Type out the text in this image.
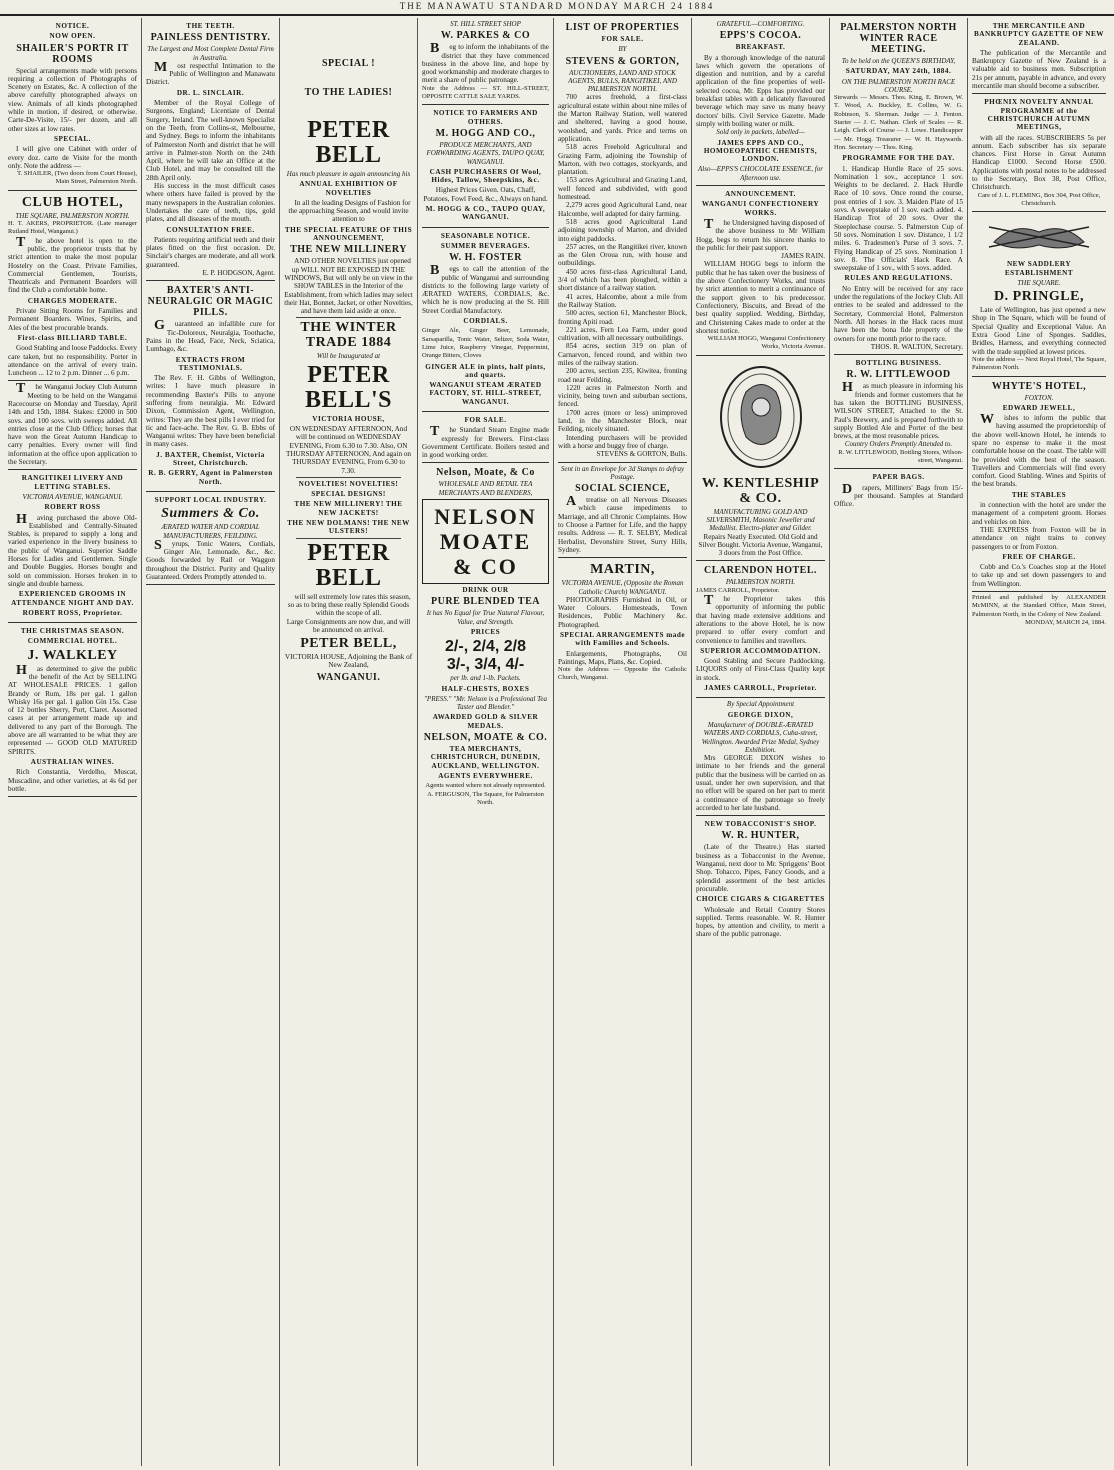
THE MANAWATU STANDARD MONDAY MARCH 24 1884
NOTICE.
NOW OPEN.
SHAILER'S PORTR IT ROOMS
Special arrangements made with persons requiring a collection of Photographs of Scenery on Estates, &c. A collection of the above carefully photographed always on view. Animals of all kinds photographed while in motion, if desired, or otherwise. Carte-De-Visite, 15/- per dozen, and all other sizes at low rates.
SPECIAL.
I will give one Cabinet with order of every doz. carte de Visite for the month only. Note the address —
T. SHAILER, (Two doors from Court House), Main Street, Palmerston North.
CLUB HOTEL,
THE SQUARE, PALMERSTON NORTH.
H. T. AKERS, PROPRIETOR. (Late manager Rutland Hotel, Wanganui.)
The above hotel is open to the public, the proprietor trusts that by strict attention to make the most popular Hostelry on the Coast. Private Families, Commercial Gentlemen, Tourists, Theatricals and Permanent Boarders will find the Club a comfortable home.
CHARGES MODERATE.
Private Sitting Rooms for Families and Permanent Boarders. Wines, Spirits, and Ales of the best procurable brands.
First-class BILLIARD TABLE.
Good Stabling and loose Paddocks. Every care taken, but no responsibility. Porter in attendance on the arrival of every train. Luncheon ... 12 to 2 p.m. Dinner ... 6 p.m.
The Wanganui Jockey Club Autumn Meeting to be held on the Wanganui Racecourse on Monday and Tuesday, April 14th and 15th, 1884. Stakes: £2000 in 500 sovs. and 100 sovs. with sweeps added. All entries close at the Club Office; horses that have won the Great Autumn Handicap to carry penalties. Every owner will find information at the office upon application to the Secretary.
RANGITIKEI LIVERY AND LETTING STABLES.
VICTORIA AVENUE, WANGANUI.
ROBERT ROSS
Having purchased the above Old-Established and Centrally-Situated Stables, is prepared to supply a long and varied experience in the livery business to the public of Wanganui. Superior Saddle Horses for Ladies and Gentlemen. Single and Double Buggies. Horses bought and sold on commission. Horses broken in to single and double harness.
EXPERIENCED GROOMS IN ATTENDANCE NIGHT AND DAY.
ROBERT ROSS, Proprietor.
THE CHRISTMAS SEASON.
COMMERCIAL HOTEL.
J. WALKLEY
Has determined to give the public the benefit of the Act by SELLING AT WHOLESALE PRICES. 1 gallon Brandy or Rum, 18s per gal. 1 gallon Whisky 16s per gal. 1 gallon Gin 15s. Case of 12 bottles Sherry, Port, Claret. Assorted cases at per arrangement made up and delivered to any part of the Borough. The above are all warranted to be what they are represented — GOOD OLD MATURED SPIRITS.
AUSTRALIAN WINES.
Rich Constantia, Verdelho, Muscat, Muscadine, and other varieties, at 4s 6d per bottle.
THE TEETH.
PAINLESS DENTISTRY.
The Largest and Most Complete Dental Firm in Australia.
Most respectful Intimation to the Public of Wellington and Manawatu District.
DR. L. SINCLAIR.
Member of the Royal College of Surgeons, England; Licentiate of Dental Surgery, Ireland. The well-known Specialist on the Teeth, from Collins-st, Melbourne, and Sydney. Begs to inform the inhabitants of Palmerston North and district that he will arrive in Palmer-ston North on the 24th April, where he will take an Office at the Club Hotel, and may be consulted till the 28th April only.
His success in the most difficult cases where others have failed is proved by the many newspapers in the Australian colonies. Undertakes the care of teeth, tips, gold plates, and all diseases of the mouth.
CONSULTATION FREE.
Patients requiring artificial teeth and their plates fitted on the first occasion. Dr. Sinclair's charges are moderate, and all work guaranteed.
E. P. HODGSON, Agent.
BAXTER'S ANTI-NEURALGIC OR MAGIC PILLS.
Guaranteed an infallible cure for Tic-Doloreux, Neuralgia, Toothache, Pains in the Head, Face, Neck, Sciatica, Lumbago, &c.
EXTRACTS FROM TESTIMONIALS.
The Rev. F. H. Gibbs of Wellington, writes: I have much pleasure in recommending Baxter's Pills to anyone suffering from neuralgia. Mr. Edward Dixon, Commission Agent, Wellington, writes: They are the best pills I ever tried for tic and face-ache. The Rev. G. B. Ebbs of Wanganui writes: They have been beneficial in many cases.
J. BAXTER, Chemist, Victoria Street, Christchurch.
R. B. GERRY, Agent in Palmerston North.
SUPPORT LOCAL INDUSTRY.
Summers & Co.
ÆRATED WATER AND CORDIAL MANUFACTURERS, FEILDING.
Syrups, Tonic Waters, Cordials, Ginger Ale, Lemonade, &c., &c. Goods forwarded by Rail or Waggon throughout the District. Purity and Quality Guaranteed. Orders Promptly attended to.
SPECIAL !
TO THE LADIES!
PETER BELL
Has much pleasure in again announcing his
ANNUAL EXHIBITION OF NOVELTIES
In all the leading Designs of Fashion for the approaching Season, and would invite attention to
THE SPECIAL FEATURE OF THIS ANNOUNCEMENT,
THE NEW MILLINERY
AND OTHER NOVELTIES just opened up WILL NOT BE EXPOSED IN THE WINDOWS, But will only be on view in the SHOW TABLES in the Interior of the Establishment, from which ladies may select their Hat, Bonnet, Jacket, or other Novelties, and have them laid aside at once.
THE WINTER TRADE 1884
Will be Inaugurated at
PETER BELL'S
VICTORIA HOUSE,
ON WEDNESDAY AFTERNOON, And will be continued on WEDNESDAY EVENING, From 6.30 to 7.30. Also, ON THURSDAY AFTERNOON, And again on THURSDAY EVENING, From 6.30 to 7.30.
NOVELTIES! NOVELTIES!
SPECIAL DESIGNS!
THE NEW MILLINERY! THE NEW JACKETS!
THE NEW DOLMANS! THE NEW ULSTERS!
PETER BELL
will sell extremely low rates this season, so as to bring these really Splendid Goods within the scope of all.
Large Consignments are now due, and will be announced on arrival.
PETER BELL,
VICTORIA HOUSE, Adjoining the Bank of New Zealand,
WANGANUI.
ST. HILL STREET SHOP
W. PARKES & CO
Beg to inform the inhabitants of the district that they have commenced business in the above line, and hope by good workmanship and moderate charges to merit a share of public patronage.
Note the Address — ST. HILL-STREET, OPPOSITE CATTLE SALE YARDS.
NOTICE TO FARMERS AND OTHERS.
M. HOGG AND CO.,
PRODUCE MERCHANTS, AND FORWARDING AGENTS, TAUPO QUAY, WANGANUI.
CASH PURCHASERS Of Wool, Hides, Tallow, Sheepskins, &c.
Highest Prices Given. Oats, Chaff, Potatoes, Fowl Feed, &c., Always on hand.
M. HOGG & CO., TAUPO QUAY, WANGANUI.
SEASONABLE NOTICE.
SUMMER BEVERAGES.
W. H. FOSTER
Begs to call the attention of the public of Wanganui and surrounding districts to the following large variety of ÆRATED WATERS, CORDIALS, &c. which he is now producing at the St. Hill Street Cordial Manufactory.
CORDIALS.
Ginger Ale, Ginger Beer, Lemonade, Sarsaparilla, Tonic Water, Seltzer, Soda Water, Lime Juice, Raspberry Vinegar, Peppermint, Orange Bitters, Cloves
GINGER ALE in pints, half pints, and quarts.
WANGANUI STEAM ÆRATED FACTORY, ST. HILL-STREET, WANGANUI.
FOR SALE.
The Standard Steam Engine made expressly for Brewers. First-class Government Certificate. Boilers tested and in good working order.
Nelson, Moate, & Co
WHOLESALE AND RETAIL TEA MERCHANTS AND BLENDERS,
NELSON MOATE & CO
DRINK OUR
PURE BLENDED TEA
It has No Equal for True Natural Flavour, Value, and Strength.
PRICES
2/-, 2/4, 2/8
3/-, 3/4, 4/-
per lb. and 1-lb. Packets.
HALF-CHESTS, BOXES
"PRESS." "Mr. Nelson is a Professional Tea Taster and Blender."
AWARDED GOLD & SILVER MEDALS.
NELSON, MOATE & CO.
TEA MERCHANTS, CHRISTCHURCH, DUNEDIN, AUCKLAND, WELLINGTON.
AGENTS EVERYWHERE.
Agents wanted where not already represented. A. FERGUSON, The Square, for Palmerston North.
LIST OF PROPERTIES
FOR SALE.
BY
STEVENS & GORTON,
AUCTIONEERS, LAND AND STOCK AGENTS, BULLS, RANGITIKEI, AND PALMERSTON NORTH.
700 acres freehold, a first-class agricultural estate within about nine miles of the Marton Railway Station, well watered and sheltered, having a good house, woolshed, and yards. Price and terms on application.
518 acres Freehold Agricultural and Grazing Farm, adjoining the Township of Marton, with two cottages, stockyards, and plantation.
153 acres Agricultural and Grazing Land, well fenced and subdivided, with good homestead.
2,279 acres good Agricultural Land, near Halcombe, well adapted for dairy farming.
518 acres good Agricultural Land adjoining township of Marton, and divided into eight paddocks.
257 acres, on the Rangitikei river, known as the Glen Oroua run, with house and outbuildings.
450 acres first-class Agricultural Land, 3/4 of which has been ploughed, within a short distance of a railway station.
41 acres, Halcombe, about a mile from the Railway Station.
500 acres, section 61, Manchester Block, fronting Apiti road.
221 acres, Fern Lea Farm, under good cultivation, with all necessary outbuildings.
854 acres, section 319 on plan of Carnarvon, fenced round, and within two miles of the railway station.
200 acres, section 235, Kiwitea, fronting road near Feilding.
1220 acres in Palmerston North and vicinity, being town and suburban sections, fenced.
1700 acres (more or less) unimproved land, in the Manchester Block, near Feilding, nicely situated.
Intending purchasers will be provided with a horse and buggy free of charge.
STEVENS & GORTON, Bulls.
Sent in an Envelope for 3d Stamps to defray Postage.
SOCIAL SCIENCE,
Atreatise on all Nervous Diseases which cause impediments to Marriage, and all Chronic Complaints. How to Choose a Partner for Life, and the happy results. Address — R. T. SELBY, Medical Herbalist, Devonshire Street, Surry Hills, Sydney.
MARTIN,
VICTORIA AVENUE, (Opposite the Roman Catholic Church) WANGANUI.
PHOTOGRAPHS Furnished in Oil, or Water Colours. Homesteads, Town Residences, Public Machinery &c. Photographed.
SPECIAL ARRANGEMENTS made with Families and Schools.
Enlargements, Photographs, Oil Paintings, Maps, Plans, &c. Copied.
Note the Address — Opposite the Catholic Church, Wanganui.
GRATEFUL—COMFORTING.
EPPS'S COCOA.
BREAKFAST.
By a thorough knowledge of the natural laws which govern the operations of digestion and nutrition, and by a careful application of the fine properties of well-selected cocoa, Mr. Epps has provided our breakfast tables with a delicately flavoured beverage which may save us many heavy doctors' bills. Civil Service Gazette. Made simply with boiling water or milk.
Sold only in packets, labelled—
JAMES EPPS AND CO., HOMOEOPATHIC CHEMISTS, LONDON.
Also—EPPS'S CHOCOLATE ESSENCE, for Afternoon use.
ANNOUNCEMENT.
WANGANUI CONFECTIONERY WORKS.
The Undersigned having disposed of the above business to Mr William Hogg, begs to return his sincere thanks to the public for their past support.
JAMES RAIN.
WILLIAM HOGG begs to inform the public that he has taken over the business of the above Confectionery Works, and trusts by strict attention to merit a continuance of the support given to his predecessor. Confectionery, Biscuits, and Bread of the best quality supplied. Wedding, Birthday, and Christening Cakes made to order at the shortest notice.
WILLIAM HOGG, Wanganui Confectionery Works, Victoria Avenue.
W. KENTLESHIP & CO.
MANUFACTURING GOLD AND SILVERSMITH, Masonic Jeweller and Medallist. Electro-plater and Gilder.
Repairs Neatly Executed. Old Gold and Silver Bought. Victoria Avenue, Wanganui, 3 doors from the Post Office.
CLARENDON HOTEL.
PALMERSTON NORTH.
JAMES CARROLL, Proprietor.
The Proprietor takes this opportunity of informing the public that having made extensive additions and alterations to the above Hotel, he is now prepared to offer every comfort and convenience to families and travellers.
SUPERIOR ACCOMMODATION.
Good Stabling and Secure Paddocking. LIQUORS only of First-Class Quality kept in stock.
JAMES CARROLL, Proprietor.
By Special Appointment
GEORGE DIXON,
Manufacturer of DOUBLE-ÆRATED WATERS AND CORDIALS, Cuba-street, Wellington. Awarded Prize Medal, Sydney Exhibition.
Mrs GEORGE DIXON wishes to intimate to her friends and the general public that the business will be carried on as usual, under her own supervision, and that no effort will be spared on her part to merit a continuance of the patronage so freely accorded to her late husband.
NEW TOBACCONIST'S SHOP.
W. R. HUNTER,
(Late of the Theatre.) Has started business as a Tobacconist in the Avenue, Wanganui, next door to Mr. Spriggens' Boot Shop. Tobacco, Pipes, Fancy Goods, and a splendid assortment of the best articles procurable.
CHOICE CIGARS & CIGARETTES
Wholesale and Retail Country Stores supplied. Terms reasonable. W. R. Hunter hopes, by attention and civility, to merit a share of the public patronage.
PALMERSTON NORTH WINTER RACE MEETING.
To be held on the QUEEN'S BIRTHDAY,
SATURDAY, MAY 24th, 1884.
ON THE PALMERSTON NORTH RACE COURSE.
Stewards — Messrs. Thos. King, E. Brown, W. T. Wood, A. Buckley, E. Collins, W. G. Robinson, S. Sherman. Judge — J. Fenton. Starter — J. C. Nathan. Clerk of Scales — R. Leigh. Clerk of Course — J. Lowe. Handicapper — Mr. Hogg. Treasurer — W. H. Haywards. Hon. Secretary — Thos. King.
PROGRAMME FOR THE DAY.
1. Handicap Hurdle Race of 25 sovs. Nomination 1 sov., acceptance 1 sov. Weights to be declared. 2. Hack Hurdle Race of 10 sovs. Once round the course, post entries of 1 sov. 3. Maiden Plate of 15 sovs. A sweepstake of 1 sov. each added. 4. Handicap Trot of 20 sovs. Over the Steeplechase course. 5. Palmerston Cup of 50 sovs. Nomination 1 sov. Distance, 1 1/2 miles. 6. Tradesmen's Purse of 3 sovs. 7. Flying Handicap of 25 sovs. Nomination 1 sov. 8. The Officials' Hack Race. A sweepstake of 1 sov., with 5 sovs. added.
RULES AND REGULATIONS.
No Entry will be received for any race under the regulations of the Jockey Club. All entries to be sealed and addressed to the Secretary, Commercial Hotel, Palmerston North. All horses in the Hack races must have been the bona fide property of the owners for one month prior to the race.
THOS. R. WALTON, Secretary.
BOTTLING BUSINESS.
R. W. LITTLEWOOD
Has much pleasure in informing his friends and former customers that he has taken the BOTTLING BUSINESS, WILSON STREET, Attached to the St. Paul's Brewery, and is prepared forthwith to supply Bottled Ale and Porter of the best brews, at the most reasonable prices.
Country Orders Promptly Attended to.
R. W. LITTLEWOOD, Bottling Stores, Wilson-street, Wanganui.
PAPER BAGS.
Drapers, Milliners' Bags from 15/- per thousand. Samples at Standard Office.
THE MERCANTILE AND BANKRUPTCY GAZETTE OF NEW ZEALAND.
The publication of the Mercantile and Bankruptcy Gazette of New Zealand is a valuable aid to business men. Subscription 21s per annum, payable in advance, and every mercantile man should become a subscriber.
PHŒNIX NOVELTY ANNUAL PROGRAMME of the CHRISTCHURCH AUTUMN MEETINGS,
with all the races. SUBSCRIBERS 5s per annum. Each subscriber has six separate chances. First Horse in Great Autumn Handicap £1000. Second Horse £500. Applications with postal notes to be addressed to the Secretary, Box 38, Post Office, Christchurch.
Care of J. L. FLEMING, Box 304, Post Office, Christchurch.
NEW SADDLERY ESTABLISHMENT
THE SQUARE.
D. PRINGLE,
Late of Wellington, has just opened a new Shop in The Square, which will be found of Special Quality and Exceptional Value. An Extra Good Line of Sponges. Saddles, Bridles, Harness, and everything connected with the trade supplied at lowest prices.
Note the address — Next Royal Hotel, The Square, Palmerston North.
WHYTE'S HOTEL,
FOXTON.
EDWARD JEWELL,
Wishes to inform the public that having assumed the proprietorship of the above well-known Hotel, he intends to spare no expense to make it the most comfortable house on the coast. The table will be provided with the best of the season. Travellers and Commercials will find every comfort. Good Stabling. Wines and Spirits of the best brands.
THE STABLES
in connection with the hotel are under the management of a competent groom. Horses and vehicles on hire.
THE EXPRESS from Foxton will be in attendance on night trains to convey passengers to or from Foxton.
FREE OF CHARGE.
Cobb and Co.'s Coaches stop at the Hotel to take up and set down passengers to and from Wellington.
Printed and published by ALEXANDER McMINN, at the Standard Office, Main Street, Palmerston North, in the Colony of New Zealand.
MONDAY, MARCH 24, 1884.
